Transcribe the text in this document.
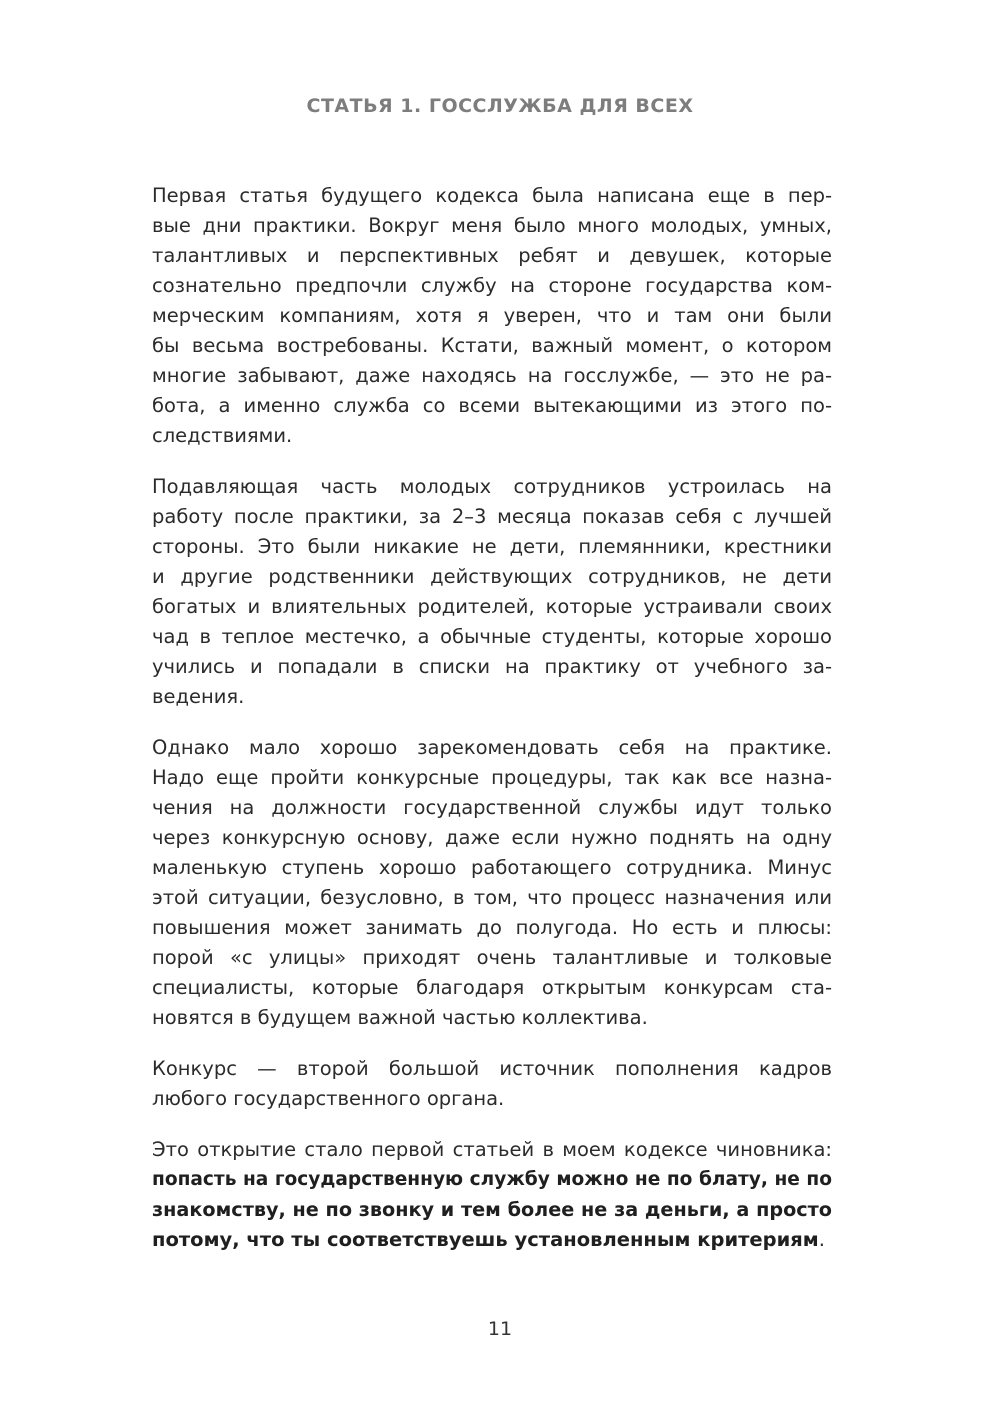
СТАТЬЯ 1. ГОССЛУЖБА ДЛЯ ВСЕХ
Первая статья будущего кодекса была написана еще в пер-
вые дни практики. Вокруг меня было много молодых, умных,
талантливых и перспективных ребят и девушек, которые
сознательно предпочли службу на стороне государства ком-
мерческим компаниям, хотя я уверен, что и там они были
бы весьма востребованы. Кстати, важный момент, о котором
многие забывают, даже находясь на госслужбе, — это не ра-
бота, а именно служба со всеми вытекающими из этого по-
следствиями.
Подавляющая часть молодых сотрудников устроилась на
работу после практики, за 2–3 месяца показав себя с лучшей
стороны. Это были никакие не дети, племянники, крестники
и другие родственники действующих сотрудников, не дети
богатых и влиятельных родителей, которые устраивали своих
чад в теплое местечко, а обычные студенты, которые хорошо
учились и попадали в списки на практику от учебного за-
ведения.
Однако мало хорошо зарекомендовать себя на практике.
Надо еще пройти конкурсные процедуры, так как все назна-
чения на должности государственной службы идут только
через конкурсную основу, даже если нужно поднять на одну
маленькую ступень хорошо работающего сотрудника. Минус
этой ситуации, безусловно, в том, что процесс назначения или
повышения может занимать до полугода. Но есть и плюсы:
порой «с улицы» приходят очень талантливые и толковые
специалисты, которые благодаря открытым конкурсам ста-
новятся в будущем важной частью коллектива.
Конкурс — второй большой источник пополнения кадров
любого государственного органа.
Это открытие стало первой статьей в моем кодексе чиновника:
попасть на государственную службу можно не по блату, не по
знакомству, не по звонку и тем более не за деньги, а просто
потому, что ты соответствуешь установленным критериям.
11
